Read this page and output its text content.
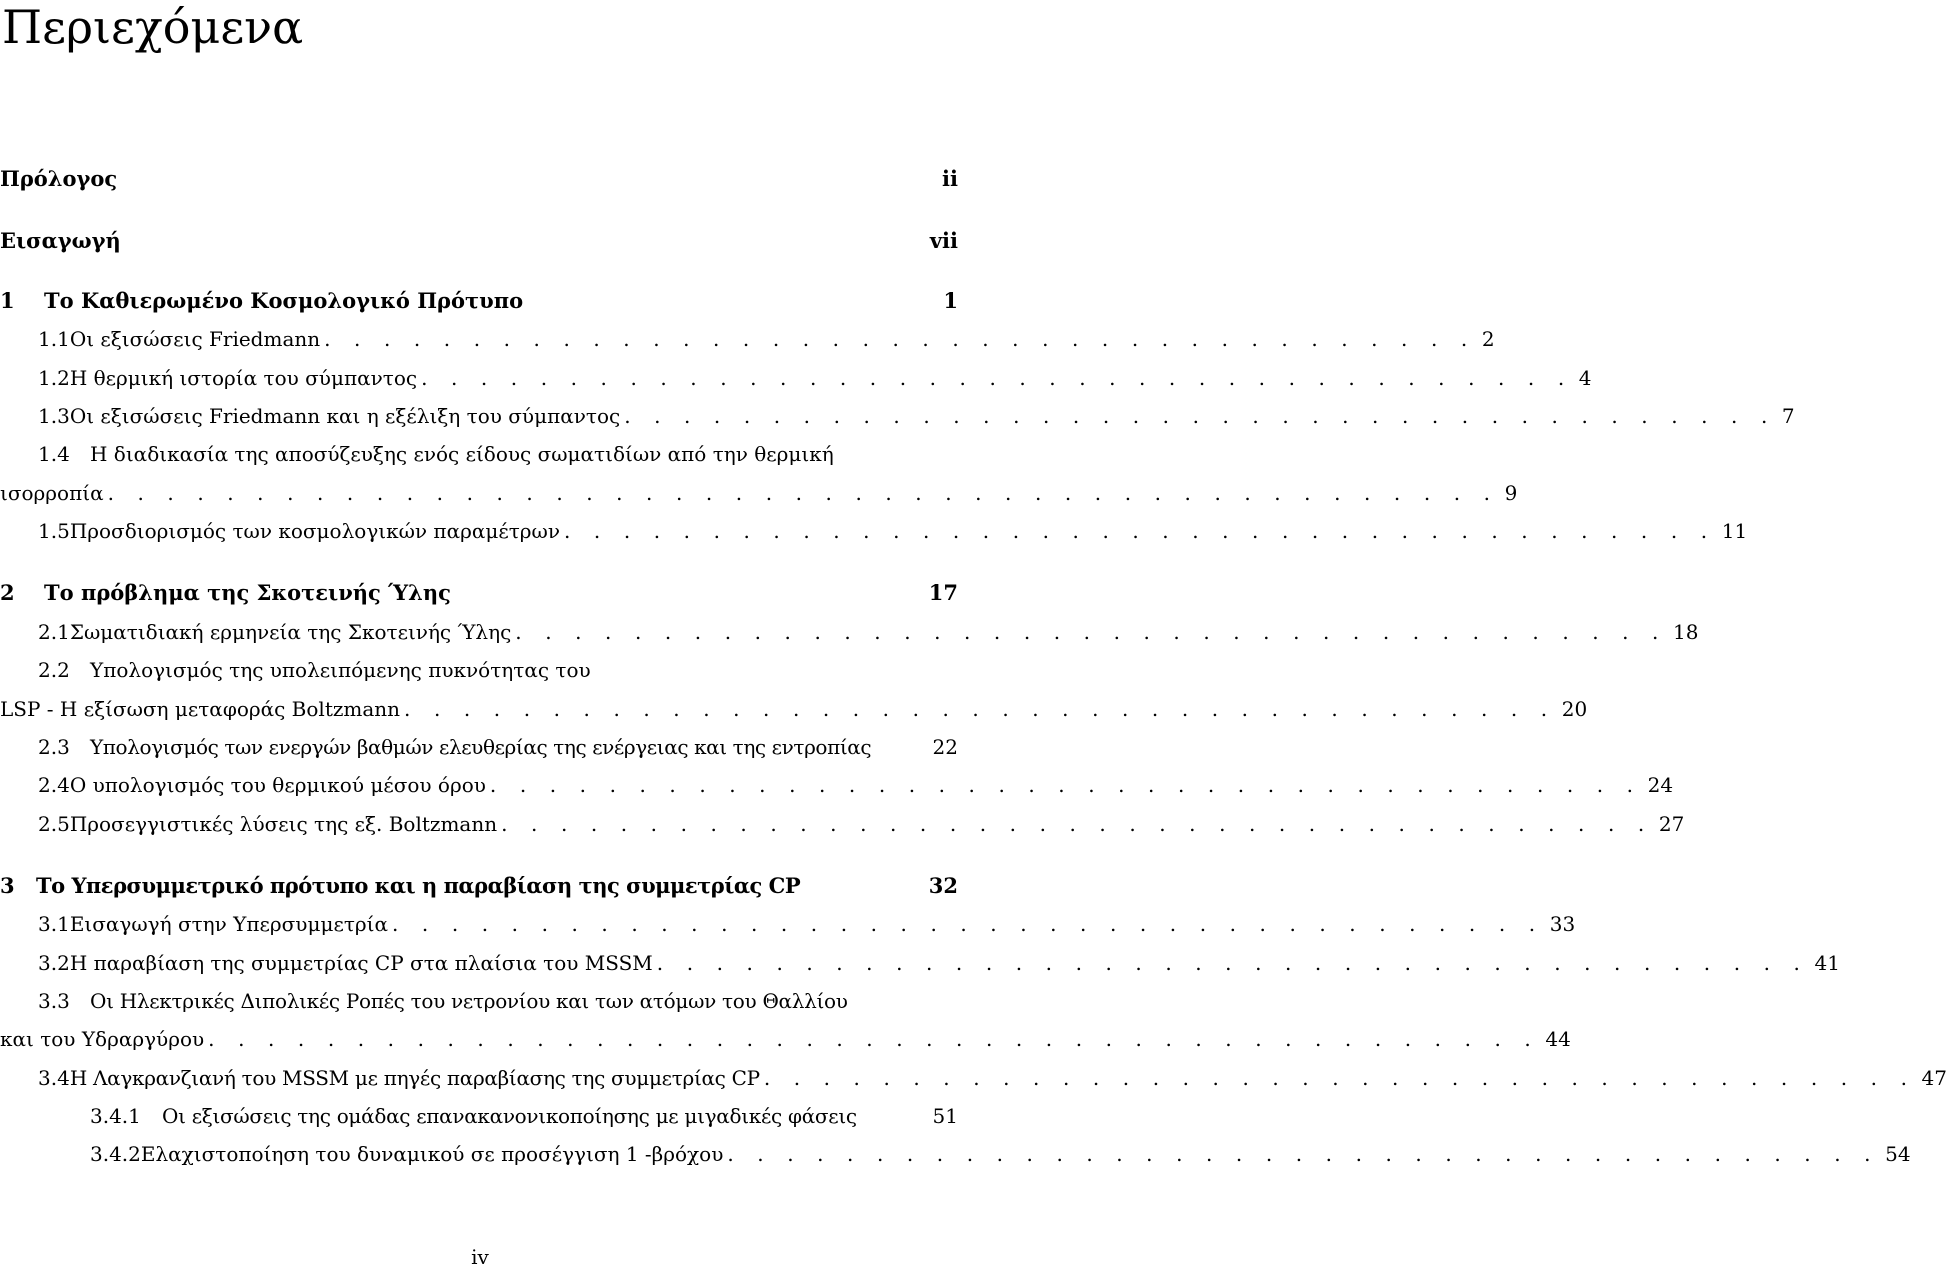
Περιεχόμενα
Πρόλογος	ii
Εισαγωγή	vii
1	Το Καθιερωμένο Κοσμολογικό Πρότυπο	1
1.1 Οι εξισώσεις Friedmann . . . . . . . . . . . . . . . . . . . . . . . . . . . . . . . . . . . . . . . 2
1.2 Η θερμική ιστορία του σύμπαντος . . . . . . . . . . . . . . . . . . . . . . . . . . . . . . . . . . . . . . . 4
1.3 Οι εξισώσεις Friedmann και η εξέλιξη του σύμπαντος . . . . . . . . . . . . . . . . . . . . . . . . . . . . . . . . . . . . . . . 7
1.4	Η διαδικασία της αποσύζευξης ενός είδους σωματιδίων από την θερμική
ισορροπία . . . . . . . . . . . . . . . . . . . . . . . . . . . . . . . . . . . . . . . . . . . . . . . 9
1.5 Προσδιορισμός των κοσμολογικών παραμέτρων . . . . . . . . . . . . . . . . . . . . . . . . . . . . . . . . . . . . . . . 11
2	Το πρόβλημα της Σκοτεινής Ύλης	17
2.1 Σωματιδιακή ερμηνεία της Σκοτεινής Ύλης . . . . . . . . . . . . . . . . . . . . . . . . . . . . . . . . . . . . . . . 18
2.2	Υπολογισμός της υπολειπόμενης πυκνότητας του
LSP - Η εξίσωση μεταφοράς Boltzmann . . . . . . . . . . . . . . . . . . . . . . . . . . . . . . . . . . . . . . . 20
2.3	Υπολογισμός των ενεργών βαθμών ελευθερίας της ενέργειας και της εντροπίας	22
2.4 Ο υπολογισμός του θερμικού μέσου όρου . . . . . . . . . . . . . . . . . . . . . . . . . . . . . . . . . . . . . . . 24
2.5 Προσεγγιστικές λύσεις της εξ. Boltzmann . . . . . . . . . . . . . . . . . . . . . . . . . . . . . . . . . . . . . . . 27
3	Το Υπερσυμμετρικό πρότυπο και η παραβίαση της συμμετρίας CP	32
3.1 Εισαγωγή στην Υπερσυμμετρία . . . . . . . . . . . . . . . . . . . . . . . . . . . . . . . . . . . . . . . 33
3.2 Η παραβίαση της συμμετρίας CP στα πλαίσια του MSSM . . . . . . . . . . . . . . . . . . . . . . . . . . . . . . . . . . . . . . . 41
3.3	Οι Ηλεκτρικές Διπολικές Ροπές του νετρονίου και των ατόμων του Θαλλίου
και του Υδραργύρου . . . . . . . . . . . . . . . . . . . . . . . . . . . . . . . . . . . . . . . . . . . . . 44
3.4 Η Λαγκρανζιανή του MSSM με πηγές παραβίασης της συμμετρίας CP . . . . . . . . . . . . . . . . . . . . . . . . . . . . . . . . . . . . . . . 47
3.4.1	Οι εξισώσεις της ομάδας επανακανονικοποίησης με μιγαδικές φάσεις	51
3.4.2 Ελαχιστοποίηση του δυναμικού σε προσέγγιση 1 -βρόχου . . . . . . . . . . . . . . . . . . . . . . . . . . . . . . . . . . . . . . . 54
iv
